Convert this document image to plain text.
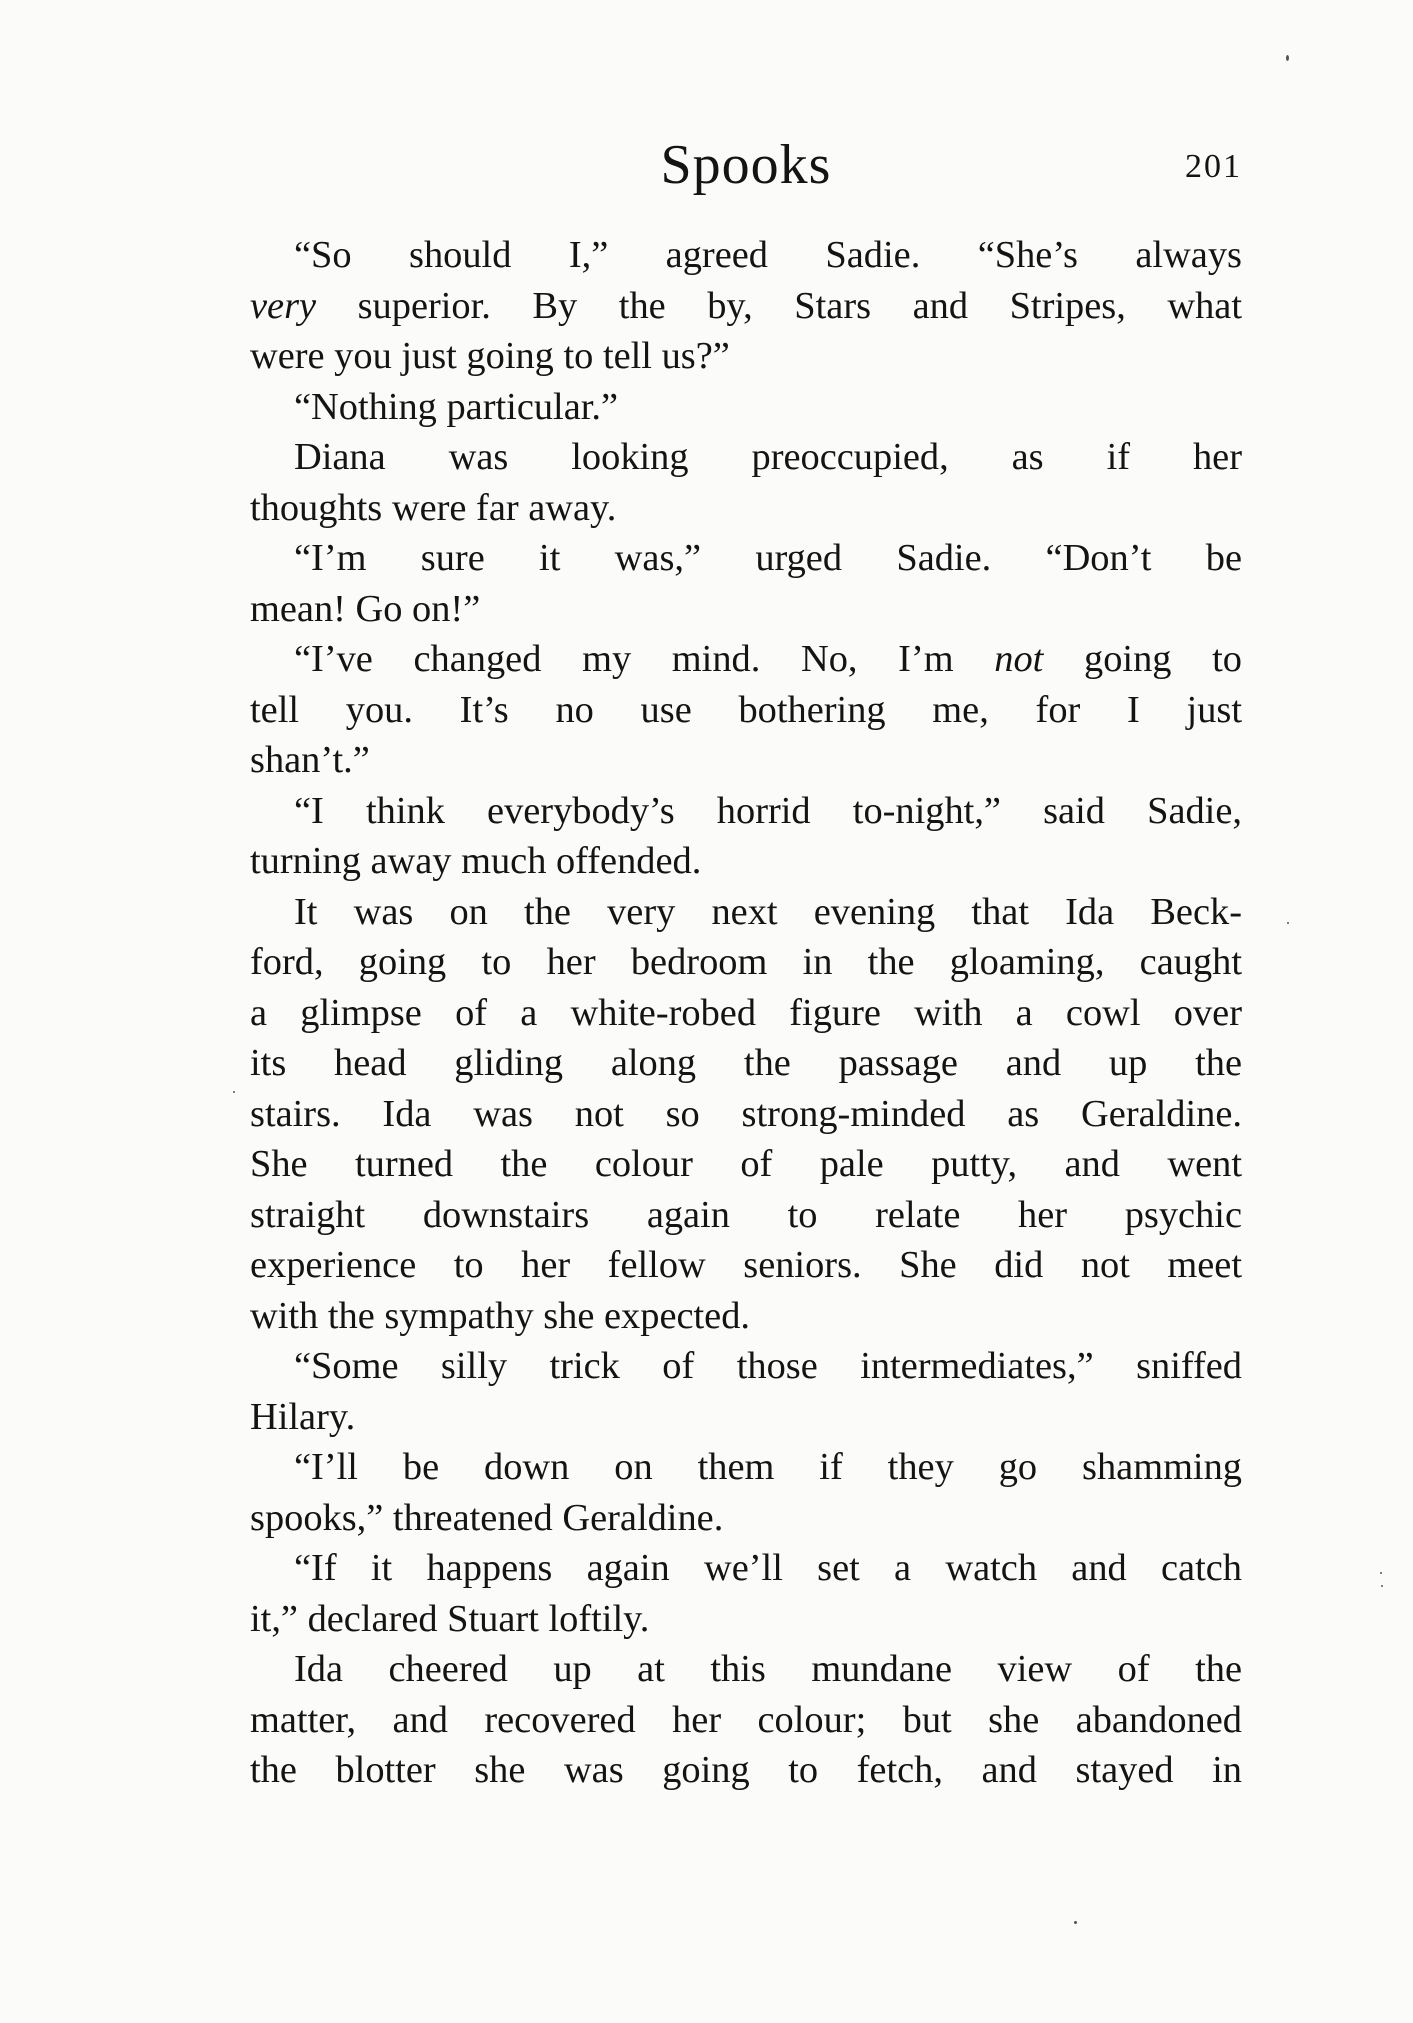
Spooks	201
“So should I,” agreed Sadie. “She’s always
very superior. By the by, Stars and Stripes, what
were you just going to tell us?”
“Nothing particular.”
Diana was looking preoccupied, as if her
thoughts were far away.
“I’m sure it was,” urged Sadie. “Don’t be
mean! Go on!”
“I’ve changed my mind. No, I’m not going to
tell you. It’s no use bothering me, for I just
shan’t.”
“I think everybody’s horrid to-night,” said Sadie,
turning away much offended.
It was on the very next evening that Ida Beck-
ford, going to her bedroom in the gloaming, caught
a glimpse of a white-robed figure with a cowl over
its head gliding along the passage and up the
stairs. Ida was not so strong-minded as Geraldine.
She turned the colour of pale putty, and went
straight downstairs again to relate her psychic
experience to her fellow seniors. She did not meet
with the sympathy she expected.
“Some silly trick of those intermediates,” sniffed
Hilary.
“I’ll be down on them if they go shamming
spooks,” threatened Geraldine.
“If it happens again we’ll set a watch and catch
it,” declared Stuart loftily.
Ida cheered up at this mundane view of the
matter, and recovered her colour; but she abandoned
the blotter she was going to fetch, and stayed in
